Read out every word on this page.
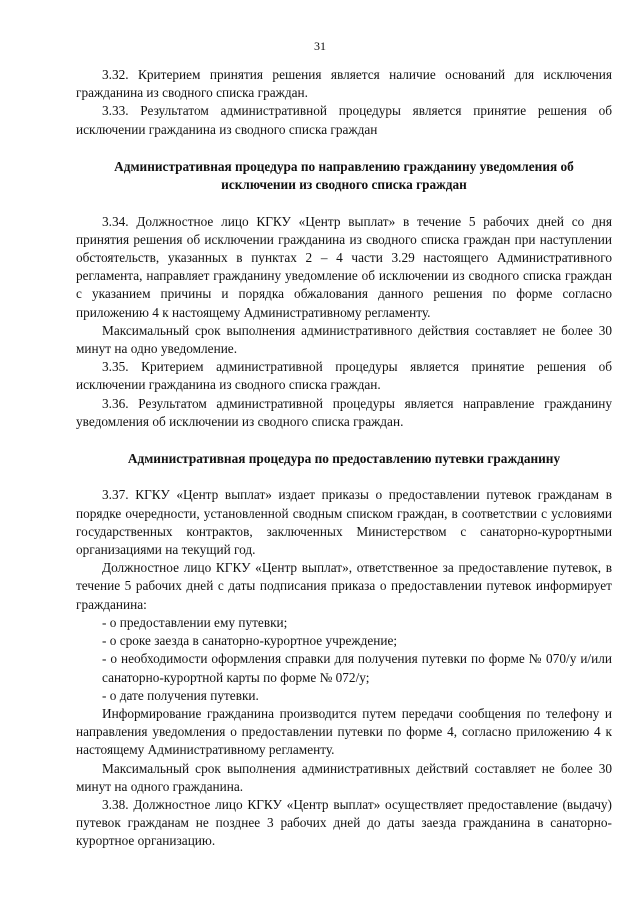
31

3.32. Критерием принятия решения является наличие оснований для исключения гражданина из сводного списка граждан.

3.33. Результатом административной процедуры является принятие решения об исключении гражданина из сводного списка граждан

Административная процедура по направлению гражданину уведомления об исключении из сводного списка граждан

3.34. Должностное лицо КГКУ «Центр выплат» в течение 5 рабочих дней со дня принятия решения об исключении гражданина из сводного списка граждан при наступлении обстоятельств, указанных в пунктах 2 – 4 части 3.29 настоящего Административного регламента, направляет гражданину уведомление об исключении из сводного списка граждан с указанием причины и порядка обжалования данного решения по форме согласно приложению 4 к настоящему Административному регламенту.

Максимальный срок выполнения административного действия составляет не более 30 минут на одно уведомление.

3.35. Критерием административной процедуры является принятие решения об исключении гражданина из сводного списка граждан.

3.36. Результатом административной процедуры является направление гражданину уведомления об исключении из сводного списка граждан.

Административная процедура по предоставлению путевки гражданину

3.37. КГКУ «Центр выплат» издает приказы о предоставлении путевок гражданам в порядке очередности, установленной сводным списком граждан, в соответствии с условиями государственных контрактов, заключенных Министерством с санаторно-курортными организациями на текущий год.

Должностное лицо КГКУ «Центр выплат», ответственное за предоставление путевок, в течение 5 рабочих дней с даты подписания приказа о предоставлении путевок информирует гражданина:

- о предоставлении ему путевки;

- о сроке заезда в санаторно-курортное учреждение;

- о необходимости оформления справки для получения путевки по форме № 070/у и/или санаторно-курортной карты по форме № 072/у;

- о дате получения путевки.

Информирование гражданина производится путем передачи сообщения по телефону и направления уведомления о предоставлении путевки по форме 4, согласно приложению 4 к настоящему Административному регламенту.

Максимальный срок выполнения административных действий составляет не более 30 минут на одного гражданина.

3.38. Должностное лицо КГКУ «Центр выплат» осуществляет предоставление (выдачу) путевок гражданам не позднее 3 рабочих дней до даты заезда гражданина в санаторно-курортное организацию.
